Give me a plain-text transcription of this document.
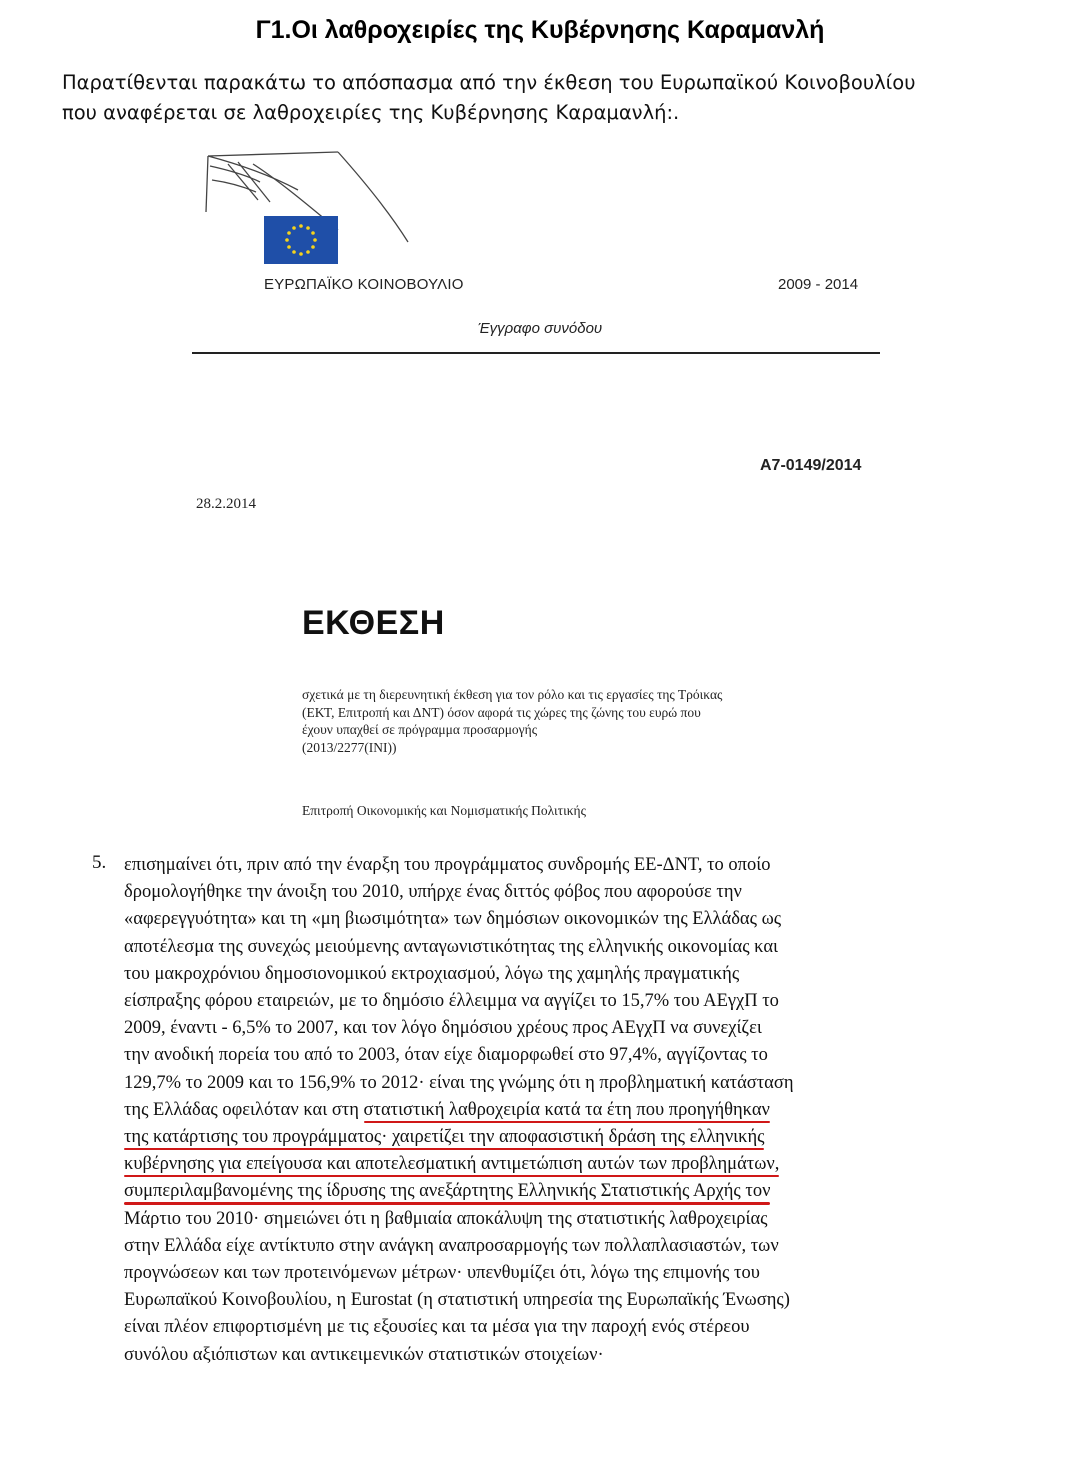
Γ1.Οι λαθροχειρίες της Κυβέρνησης Καραμανλή
Παρατίθενται παρακάτω το απόσπασμα από την έκθεση του Ευρωπαϊκού Κοινοβουλίου
που αναφέρεται σε λαθροχειρίες της Κυβέρνησης Καραμανλή:.
ΕΥΡΩΠΑΪΚΟ ΚΟΙΝΟΒΟΥΛΙΟ	2009 - 2014
Έγγραφο συνόδου
A7-0149/2014
28.2.2014
ΕΚΘΕΣΗ
σχετικά με τη διερευνητική έκθεση για τον ρόλο και τις εργασίες της Τρόικας
(ΕΚΤ, Επιτροπή και ΔΝΤ) όσον αφορά τις χώρες της ζώνης του ευρώ που
έχουν υπαχθεί σε πρόγραμμα προσαρμογής
(2013/2277(INI))
Επιτροπή Οικονομικής και Νομισματικής Πολιτικής
5. επισημαίνει ότι, πριν από την έναρξη του προγράμματος συνδρομής ΕΕ-ΔΝΤ, το οποίο
δρομολογήθηκε την άνοιξη του 2010, υπήρχε ένας διττός φόβος που αφορούσε την
«αφερεγγυότητα» και τη «μη βιωσιμότητα» των δημόσιων οικονομικών της Ελλάδας ως
αποτέλεσμα της συνεχώς μειούμενης ανταγωνιστικότητας της ελληνικής οικονομίας και
του μακροχρόνιου δημοσιονομικού εκτροχιασμού, λόγω της χαμηλής πραγματικής
είσπραξης φόρου εταιρειών, με το δημόσιο έλλειμμα να αγγίζει το 15,7% του ΑΕγχΠ το
2009, έναντι - 6,5% το 2007, και τον λόγο δημόσιου χρέους προς ΑΕγχΠ να συνεχίζει
την ανοδική πορεία του από το 2003, όταν είχε διαμορφωθεί στο 97,4%, αγγίζοντας το
129,7% το 2009 και το 156,9% το 2012· είναι της γνώμης ότι η προβληματική κατάσταση
της Ελλάδας οφειλόταν και στη στατιστική λαθροχειρία κατά τα έτη που προηγήθηκαν
της κατάρτισης του προγράμματος· χαιρετίζει την αποφασιστική δράση της ελληνικής
κυβέρνησης για επείγουσα και αποτελεσματική αντιμετώπιση αυτών των προβλημάτων,
συμπεριλαμβανομένης της ίδρυσης της ανεξάρτητης Ελληνικής Στατιστικής Αρχής τον
Μάρτιο του 2010· σημειώνει ότι η βαθμιαία αποκάλυψη της στατιστικής λαθροχειρίας
στην Ελλάδα είχε αντίκτυπο στην ανάγκη αναπροσαρμογής των πολλαπλασιαστών, των
προγνώσεων και των προτεινόμενων μέτρων· υπενθυμίζει ότι, λόγω της επιμονής του
Ευρωπαϊκού Κοινοβουλίου, η Eurostat (η στατιστική υπηρεσία της Ευρωπαϊκής Ένωσης)
είναι πλέον επιφορτισμένη με τις εξουσίες και τα μέσα για την παροχή ενός στέρεου
συνόλου αξιόπιστων και αντικειμενικών στατιστικών στοιχείων·
